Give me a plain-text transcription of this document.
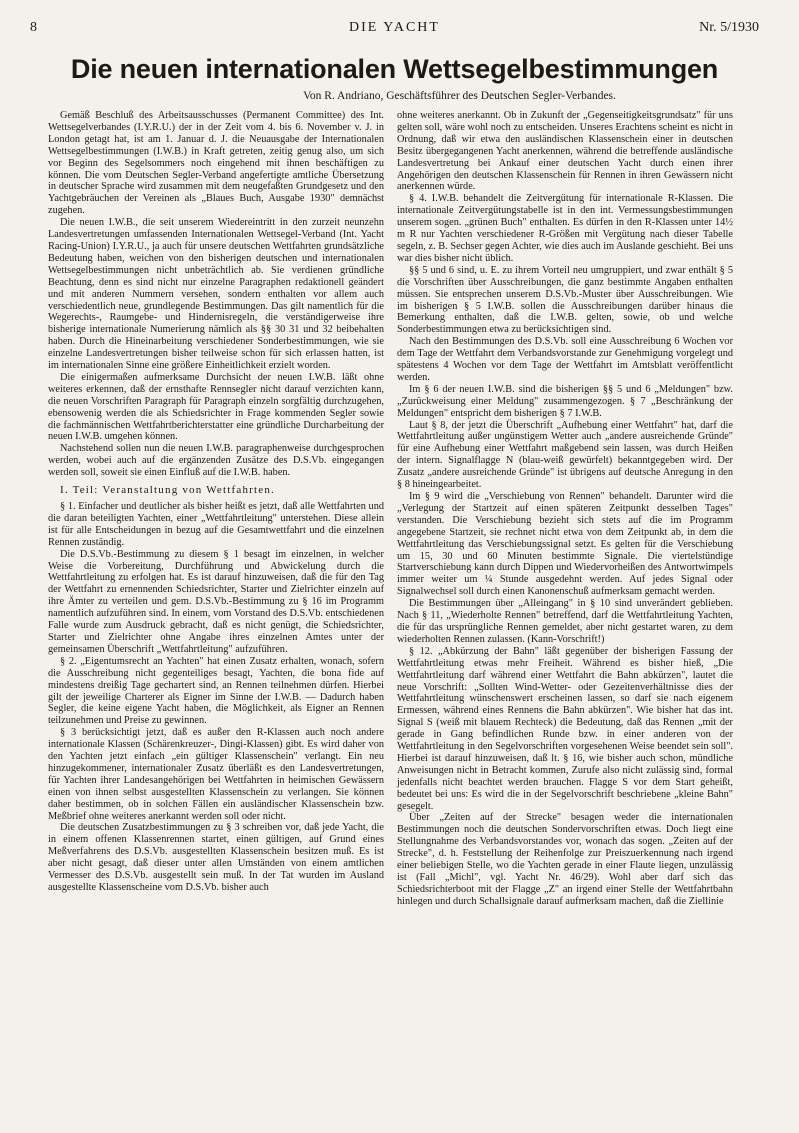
8	DIE YACHT	Nr. 5/1930
Die neuen internationalen Wettsegelbestimmungen
Von R. Andriano, Geschäftsführer des Deutschen Segler-Verbandes.

Gemäß Beschluß des Arbeitsausschusses (Permanent Committee) des Int. Wettsegelverbandes (I.Y.R.U.) der in der Zeit vom 4. bis 6. November v. J. in London getagt hat, ist am 1. Januar d. J. die Neuausgabe der Internationalen Wettsegelbestimmungen (I.W.B.) in Kraft getreten, zeitig genug also, um sich vor Beginn des Segelsommers noch eingehend mit ihnen beschäftigen zu können. Die vom Deutschen Segler-Verband angefertigte amtliche Übersetzung in deutscher Sprache wird zusammen mit dem neugefaßten Grundgesetz und den Yachtgebräuchen der Vereinen als „Blaues Buch, Ausgabe 1930" demnächst zugehen.

Die neuen I.W.B., die seit unserem Wiedereintritt in den zurzeit neunzehn Landesvertretungen umfassenden Internationalen Wettsegel-Verband (Int. Yacht Racing-Union) I.Y.R.U., ja auch für unsere deutschen Wettfahrten grundsätzliche Bedeutung haben, weichen von den bisherigen deutschen und internationalen Wettsegelbestimmungen nicht unbeträchtlich ab. Sie verdienen gründliche Beachtung, denn es sind nicht nur einzelne Paragraphen redaktionell geändert und mit anderen Nummern versehen, sondern enthalten vor allem auch verschiedentlich neue, grundlegende Bestimmungen. Das gilt namentlich für die Wegerechts-, Raumgebe- und Hindernisregeln, die verständigerweise ihre bisherige internationale Numerierung nämlich als §§ 30 31 und 32 beibehalten haben. Durch die Hineinarbeitung verschiedener Sonderbestimmungen, wie sie einzelne Landesvertretungen bisher teilweise schon für sich erlassen hatten, ist im internationalen Sinne eine größere Einheitlichkeit erzielt worden.

Die einigermaßen aufmerksame Durchsicht der neuen I.W.B. läßt ohne weiteres erkennen, daß der ernsthafte Rennsegler nicht darauf verzichten kann, die neuen Vorschriften Paragraph für Paragraph einzeln sorgfältig durchzugehen, ebensowenig werden die als Schiedsrichter in Frage kommenden Segler sowie die fachmännischen Wettfahrtberichterstatter eine gründliche Durcharbeitung der neuen I.W.B. umgehen können.

Nachstehend sollen nun die neuen I.W.B. paragraphenweise durchgesprochen werden, wobei auch auf die ergänzenden Zusätze des D.S.Vb. eingegangen werden soll, soweit sie einen Einfluß auf die I.W.B. haben.

I. Teil: Veranstaltung von Wettfahrten.

§ 1. Einfacher und deutlicher als bisher heißt es jetzt, daß alle Wettfahrten und die daran beteiligten Yachten, einer „Wettfahrtleitung" unterstehen. Diese allein ist für alle Entscheidungen in bezug auf die Gesamtwettfahrt und die einzelnen Rennen zuständig.

Die D.S.Vb.-Bestimmung zu diesem § 1 besagt im einzelnen, in welcher Weise die Vorbereitung, Durchführung und Abwickelung durch die Wettfahrtleitung zu erfolgen hat. Es ist darauf hinzuweisen, daß die für den Tag der Wettfahrt zu ernennenden Schiedsrichter, Starter und Zielrichter einzeln auf ihre Ämter zu verteilen und gem. D.S.Vb.-Bestimmung zu § 16 im Programm namentlich aufzuführen sind. In einem, vom Vorstand des D.S.Vb. entschiedenen Falle wurde zum Ausdruck gebracht, daß es nicht genügt, die Schiedsrichter, Starter und Zielrichter ohne Angabe ihres einzelnen Amtes unter der gemeinsamen Überschrift „Wettfahrtleitung" aufzuführen.

§ 2. „Eigentumsrecht an Yachten" hat einen Zusatz erhalten, wonach, sofern die Ausschreibung nicht gegenteiliges besagt, Yachten, die bona fide auf mindestens dreißig Tage gechartert sind, an Rennen teilnehmen dürfen. Hierbei gilt der jeweilige Charterer als Eigner im Sinne der I.W.B. — Dadurch haben Segler, die keine eigene Yacht haben, die Möglichkeit, als Eigner an Rennen teilzunehmen und Preise zu gewinnen.

§ 3 berücksichtigt jetzt, daß es außer den R-Klassen auch noch andere internationale Klassen (Schärenkreuzer-, Dingi-Klassen) gibt. Es wird daher von den Yachten jetzt einfach „ein gültiger Klassenschein" verlangt. Ein neu hinzugekommener, internationaler Zusatz überläßt es den Landesvertretungen, für Yachten ihrer Landesangehörigen bei Wettfahrten in heimischen Gewässern einen von ihnen selbst ausgestellten Klassenschein zu verlangen. Sie können daher bestimmen, ob in solchen Fällen ein ausländischer Klassenschein bzw. Meßbrief ohne weiteres anerkannt werden soll oder nicht.

Die deutschen Zusatzbestimmungen zu § 3 schreiben vor, daß jede Yacht, die in einem offenen Klassenrennen startet, einen gültigen, auf Grund eines Meßverfahrens des D.S.Vb. ausgestellten Klassenschein besitzen muß. Es ist aber nicht gesagt, daß dieser unter allen Umständen von einem amtlichen Vermesser des D.S.Vb. ausgestellt sein muß. In der Tat wurden im Ausland ausgestellte Klassenscheine vom D.S.Vb. bisher auch

ohne weiteres anerkannt. Ob in Zukunft der „Gegenseitigkeitsgrundsatz" für uns gelten soll, wäre wohl noch zu entscheiden. Unseres Erachtens scheint es nicht in Ordnung, daß wir etwa den ausländischen Klassenschein einer in deutschen Besitz übergegangenen Yacht anerkennen, während die betreffende ausländische Landesvertretung bei Ankauf einer deutschen Yacht durch einen ihrer Angehörigen den deutschen Klassenschein für Rennen in ihren Gewässern nicht anerkennen würde.

§ 4. I.W.B. behandelt die Zeitvergütung für internationale R-Klassen. Die internationale Zeitvergütungstabelle ist in den int. Vermessungsbestimmungen unserem sogen. „grünen Buch" enthalten. Es dürfen in den R-Klassen unter 14½ m R nur Yachten verschiedener R-Größen mit Vergütung nach dieser Tabelle segeln, z. B. Sechser gegen Achter, wie dies auch im Auslande geschieht. Bei uns war dies bisher nicht üblich.

§§ 5 und 6 sind, u. E. zu ihrem Vorteil neu umgruppiert, und zwar enthält § 5 die Vorschriften über Ausschreibungen, die ganz bestimmte Angaben enthalten müssen. Sie entsprechen unserem D.S.Vb.-Muster über Ausschreibungen. Wie im bisherigen § 5 I.W.B. sollen die Ausschreibungen darüber hinaus die Bemerkung enthalten, daß die I.W.B. gelten, sowie, ob und welche Sonderbestimmungen etwa zu berücksichtigen sind.

Nach den Bestimmungen des D.S.Vb. soll eine Ausschreibung 6 Wochen vor dem Tage der Wettfahrt dem Verbandsvorstande zur Genehmigung vorgelegt und spätestens 4 Wochen vor dem Tage der Wettfahrt im Amtsblatt veröffentlicht werden.

Im § 6 der neuen I.W.B. sind die bisherigen §§ 5 und 6 „Meldungen" bzw. „Zurückweisung einer Meldung" zusammengezogen. § 7 „Beschränkung der Meldungen" entspricht dem bisherigen § 7 I.W.B.

Laut § 8, der jetzt die Überschrift „Aufhebung einer Wettfahrt" hat, darf die Wettfahrtleitung außer ungünstigem Wetter auch „andere ausreichende Gründe" für eine Aufhebung einer Wettfahrt maßgebend sein lassen, was durch Heißen der intern. Signalflagge N (blau-weiß gewürfelt) bekanntgegeben wird. Der Zusatz „andere ausreichende Gründe" ist übrigens auf deutsche Anregung in den § 8 hineingearbeitet.

Im § 9 wird die „Verschiebung von Rennen" behandelt. Darunter wird die „Verlegung der Startzeit auf einen späteren Zeitpunkt desselben Tages" verstanden. Die Verschiebung bezieht sich stets auf die im Programm angegebene Startzeit, sie rechnet nicht etwa von dem Zeitpunkt ab, in dem die Wettfahrtleitung das Verschiebungssignal setzt. Es gelten für die Verschiebung um 15, 30 und 60 Minuten bestimmte Signale. Die viertelstündige Startverschiebung kann durch Dippen und Wiedervorheißen des Antwortwimpels immer weiter um ¼ Stunde ausgedehnt werden. Auf jedes Signal oder Signalwechsel soll durch einen Kanonenschuß aufmerksam gemacht werden.

Die Bestimmungen über „Alleingang" in § 10 sind unverändert geblieben. Nach § 11, „Wiederholte Rennen" betreffend, darf die Wettfahrtleitung Yachten, die für das ursprüngliche Rennen gemeldet, aber nicht gestartet waren, zu dem wiederholten Rennen zulassen. (Kann-Vorschrift!)

§ 12. „Abkürzung der Bahn" läßt gegenüber der bisherigen Fassung der Wettfahrtleitung etwas mehr Freiheit. Während es bisher hieß, „Die Wettfahrtleitung darf während einer Wettfahrt die Bahn abkürzen", lautet die neue Vorschrift: „Sollten Wind-Wetter- oder Gezeitenverhältnisse dies der Wettfahrtleitung wünschenswert erscheinen lassen, so darf sie nach eigenem Ermessen, während eines Rennens die Bahn abkürzen". Wie bisher hat das int. Signal S (weiß mit blauem Rechteck) die Bedeutung, daß das Rennen „mit der gerade in Gang befindlichen Runde bzw. in einer anderen von der Wettfahrtleitung in den Segelvorschriften vorgesehenen Weise beendet sein soll". Hierbei ist darauf hinzuweisen, daß lt. § 16, wie bisher auch schon, mündliche Anweisungen nicht in Betracht kommen, Zurufe also nicht zulässig sind, formal jedenfalls nicht beachtet werden brauchen. Flagge S vor dem Start geheißt, bedeutet bei uns: Es wird die in der Segelvorschrift beschriebene „kleine Bahn" gesegelt.

Über „Zeiten auf der Strecke" besagen weder die internationalen Bestimmungen noch die deutschen Sondervorschriften etwas. Doch liegt eine Stellungnahme des Verbandsvorstandes vor, wonach das sogen. „Zeiten auf der Strecke", d. h. Feststellung der Reihenfolge zur Preiszuerkennung nach irgend einer beliebigen Stelle, wo die Yachten gerade in einer Flaute liegen, unzulässig ist (Fall „Michl", vgl. Yacht Nr. 46/29). Wohl aber darf sich das Schiedsrichterboot mit der Flagge „Z" an irgend einer Stelle der Wettfahrtbahn hinlegen und durch Schallsignale darauf aufmerksam machen, daß die Ziellinie
